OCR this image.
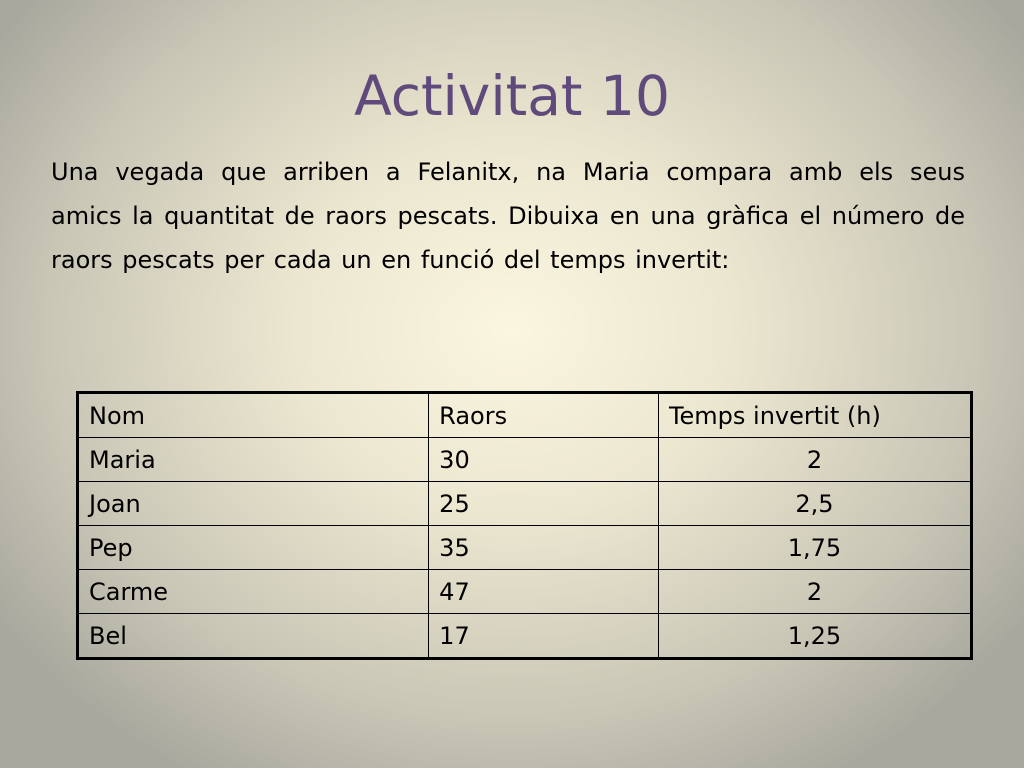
Activitat 10

Una vegada que arriben a Felanitx, na Maria compara amb els seus amics la quantitat de raors pescats. Dibuixa en una gràfica el número de raors pescats per cada un en funció del temps invertit:

Nom	Raors	Temps invertit (h)
Maria	30	2
Joan	25	2,5
Pep	35	1,75
Carme	47	2
Bel	17	1,25
